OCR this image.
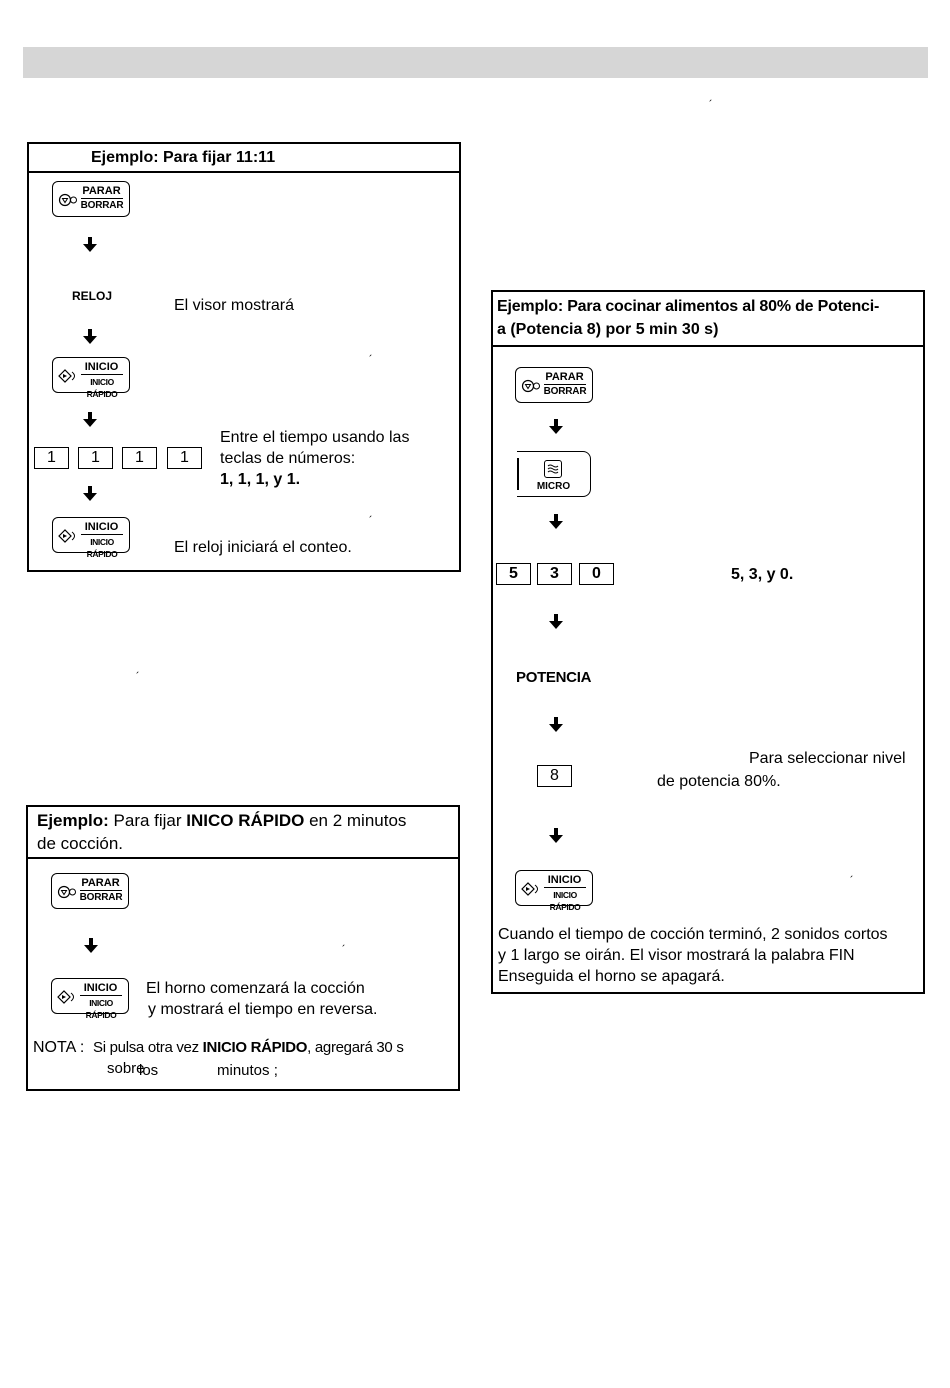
´
´
Ejemplo: Para fijar 11:11
PARAR
BORRAR
RELOJ
El visor mostrará
INICIO
INICIO RÁPIDO
´
1	1	1	1
Entre el tiempo usando las
teclas de números:
1, 1, 1, y 1.
INICIO
INICIO RÁPIDO
´
El reloj iniciará el conteo.
Ejemplo: Para fijar INICO RÁPIDO en 2 minutos
de cocción.
PARAR
BORRAR
´
INICIO
INICIO RÁPIDO
El horno comenzará la cocción
y mostrará el tiempo en reversa.
NOTA : Si pulsa otra vez INICIO RÁPIDO, agregará 30 s
sobre
los	minutos ;
Ejemplo: Para cocinar alimentos al 80% de Potenci-
a (Potencia 8) por 5 min 30 s)
PARAR
BORRAR
MICRO
5	3	0	5, 3, y 0.
POTENCIA
8
Para seleccionar nivel
de potencia 80%.
INICIO
INICIO RÁPIDO
´
Cuando el tiempo de cocción terminó, 2 sonidos cortos
y 1 largo se oirán. El visor mostrará la palabra FIN
Enseguida el horno se apagará.
